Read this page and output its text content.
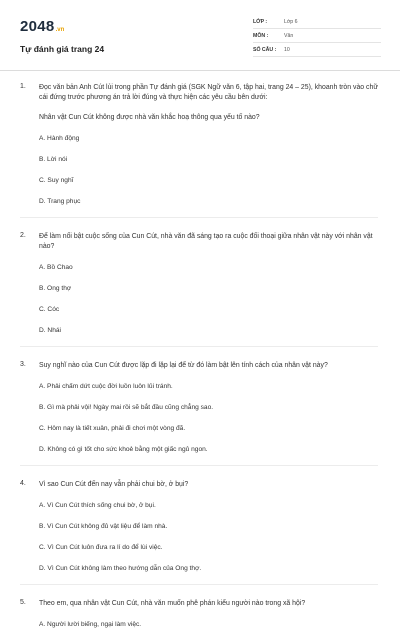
2048 .vn
Tự đánh giá trang 24
LỚP :	Lớp 6
MÔN :	Văn
SỐ CÂU :	10
1. Đọc văn bản Anh Cút lủi trong phần Tự đánh giá (SGK Ngữ văn 6, tập hai, trang 24 – 25), khoanh tròn vào chữ cái đứng trước phương án trả lời đúng và thực hiện các yêu cầu bên dưới:
Nhân vật Cun Cút không được nhà văn khắc hoạ thông qua yếu tố nào?
A. Hành động
B. Lời nói
C. Suy nghĩ
D. Trang phục
2. Để làm nổi bật cuộc sống của Cun Cút, nhà văn đã sáng tạo ra cuộc đối thoại giữa nhân vật này với nhân vật nào?
A. Bồ Chao
B. Ong thợ
C. Cóc
D. Nhái
3. Suy nghĩ nào của Cun Cút được lặp đi lặp lại để từ đó làm bật lên tính cách của nhân vật này?
A. Phải chấm dứt cuộc đời luồn luôn lủi tránh.
B. Gì mà phải vội! Ngày mai rồi sẽ bắt đầu cũng chẳng sao.
C. Hôm nay là tiết xuân, phải đi chơi một vòng đã.
D. Không có gì tốt cho sức khoẻ bằng một giấc ngủ ngon.
4. Vì sao Cun Cút đến nay vẫn phải chui bờ, ở bụi?
A. Vì Cun Cút thích sống chui bờ, ở bụi.
B. Vì Cun Cút không đủ vật liệu để làm nhà.
C. Vì Cun Cút luôn đưa ra lí do để lùi việc.
D. Vì Cun Cút không làm theo hướng dẫn của Ong thợ.
5. Theo em, qua nhân vật Cun Cút, nhà văn muốn phê phán kiểu người nào trong xã hội?
A. Người lười biếng, ngại làm việc.
